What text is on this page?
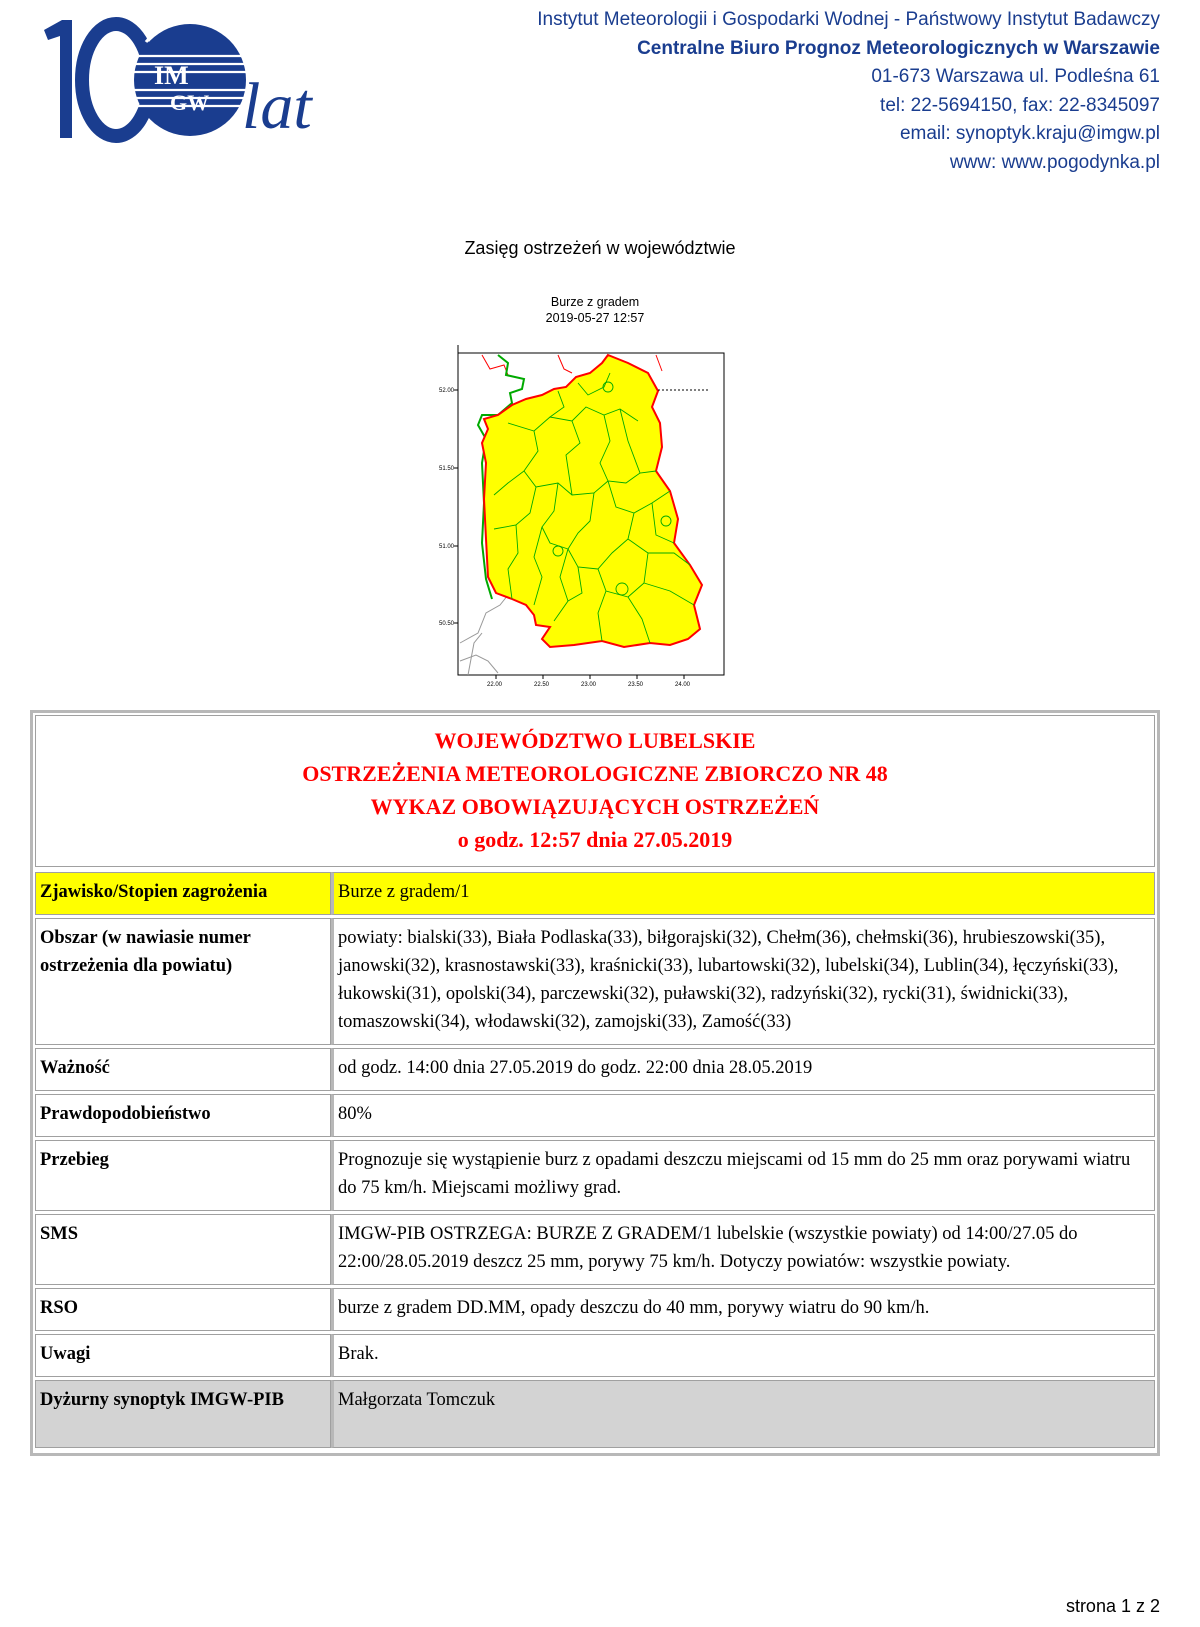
IM
GW lat
Instytut Meteorologii i Gospodarki Wodnej - Państwowy Instytut Badawczy
Centralne Biuro Prognoz Meteorologicznych w Warszawie
01-673 Warszawa ul. Podleśna 61
tel: 22-5694150, fax: 22-8345097
email: synoptyk.kraju@imgw.pl
www: www.pogodynka.pl
Zasięg ostrzeżeń w województwie
Burze z gradem
2019-05-27 12:57
52.00
51.50
51.00
50.50
22.00	22.50	23.00	23.50	24.00
WOJEWÓDZTWO LUBELSKIE
OSTRZEŻENIA METEOROLOGICZNE ZBIORCZO NR 48
WYKAZ OBOWIĄZUJĄCYCH OSTRZEŻEŃ
o godz. 12:57 dnia 27.05.2019
Zjawisko/Stopien zagrożenia	Burze z gradem/1
Obszar (w nawiasie numer ostrzeżenia dla powiatu)	powiaty: bialski(33), Biała Podlaska(33), biłgorajski(32), Chełm(36), chełmski(36), hrubieszowski(35), janowski(32), krasnostawski(33), kraśnicki(33), lubartowski(32), lubelski(34), Lublin(34), łęczyński(33), łukowski(31), opolski(34), parczewski(32), puławski(32), radzyński(32), rycki(31), świdnicki(33), tomaszowski(34), włodawski(32), zamojski(33), Zamość(33)
Ważność	od godz. 14:00 dnia 27.05.2019 do godz. 22:00 dnia 28.05.2019
Prawdopodobieństwo	80%
Przebieg	Prognozuje się wystąpienie burz z opadami deszczu miejscami od 15 mm do 25 mm oraz porywami wiatru do 75 km/h. Miejscami możliwy grad.
SMS	IMGW-PIB OSTRZEGA: BURZE Z GRADEM/1 lubelskie (wszystkie powiaty) od 14:00/27.05 do 22:00/28.05.2019 deszcz 25 mm, porywy 75 km/h. Dotyczy powiatów: wszystkie powiaty.
RSO	burze z gradem DD.MM, opady deszczu do 40 mm, porywy wiatru do 90 km/h.
Uwagi	Brak.
Dyżurny synoptyk IMGW-PIB	Małgorzata Tomczuk
strona 1 z 2
